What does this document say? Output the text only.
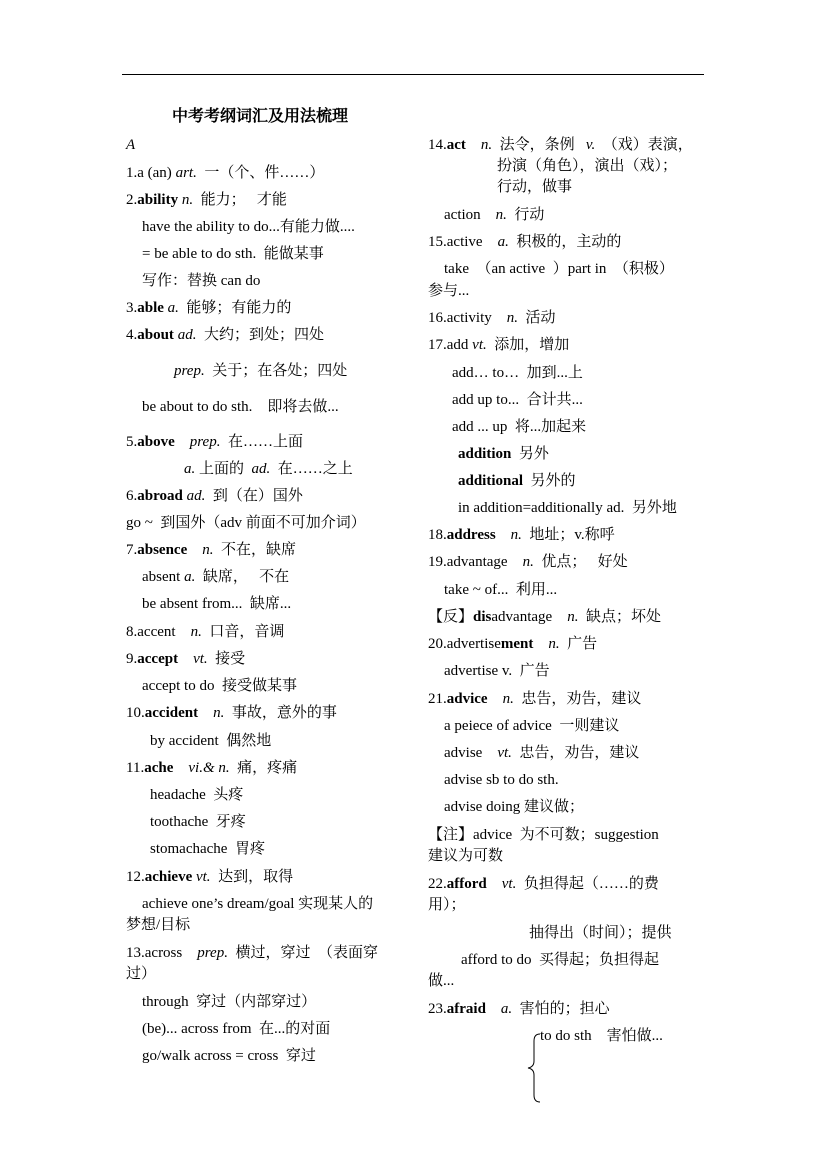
中考考纲词汇及用法梳理
A
1.a (an) art.  一（个、件……）
2.ability n.  能力；   才能
have the ability to do...有能力做....
= be able to do sth.  能做某事
写作：替换 can do
3.able a.  能够；有能力的
4.about ad.  大约；到处；四处
prep.  关于；在各处；四处
be about to do sth.    即将去做...
5.above prep.  在……上面
a. 上面的  ad.  在……之上
6.abroad ad.  到（在）国外
go ~  到国外（adv 前面不可加介词）
7.absence n.  不在，缺席
absent a.  缺席，   不在
be absent from...  缺席...
8.accent    n.  口音，音调
9.accept vt.  接受
accept to do  接受做某事
10.accident n.  事故，意外的事
by accident  偶然地
11.ache vi.& n.  痛，疼痛
headache  头疼
toothache  牙疼
stomachache  胃疼
12.achieve vt.  达到，取得
achieve one’s dream/goal 实现某人的
梦想/目标
13.across    prep.  横过，穿过  （表面穿
过）
through  穿过（内部穿过）
(be)... across from  在...的对面
go/walk across = cross  穿过
14.act n.  法令，条例   v.  （戏）表演，
扮演（角色），演出（戏）；
行动，做事
action    n.  行动
15.active    a.  积极的，主动的
take  （an active  ）part in  （积极）
参与...
16.activity    n.  活动
17.add vt.  添加，增加
add… to…  加到...上
add up to...  合计共...
add ... up  将...加起来
addition  另外
additional  另外的
in addition=additionally ad.  另外地
18.address n.  地址；v.称呼
19.advantage    n.  优点；   好处
take ~ of...  利用...
【反】disadvantage    n.  缺点；坏处
20.advertisement n.  广告
advertise v.  广告
21.advice n.  忠告，劝告，建议
a peiece of advice  一则建议
advise    vt.  忠告，劝告，建议
advise sb to do sth.
advise doing 建议做；
【注】advice  为不可数；suggestion
建议为可数
22.afford vt.  负担得起（……的费
用）；
抽得出（时间）；提供
afford to do  买得起；负担得起
做...
23.afraid a.  害怕的；担心
to do sth    害怕做...
